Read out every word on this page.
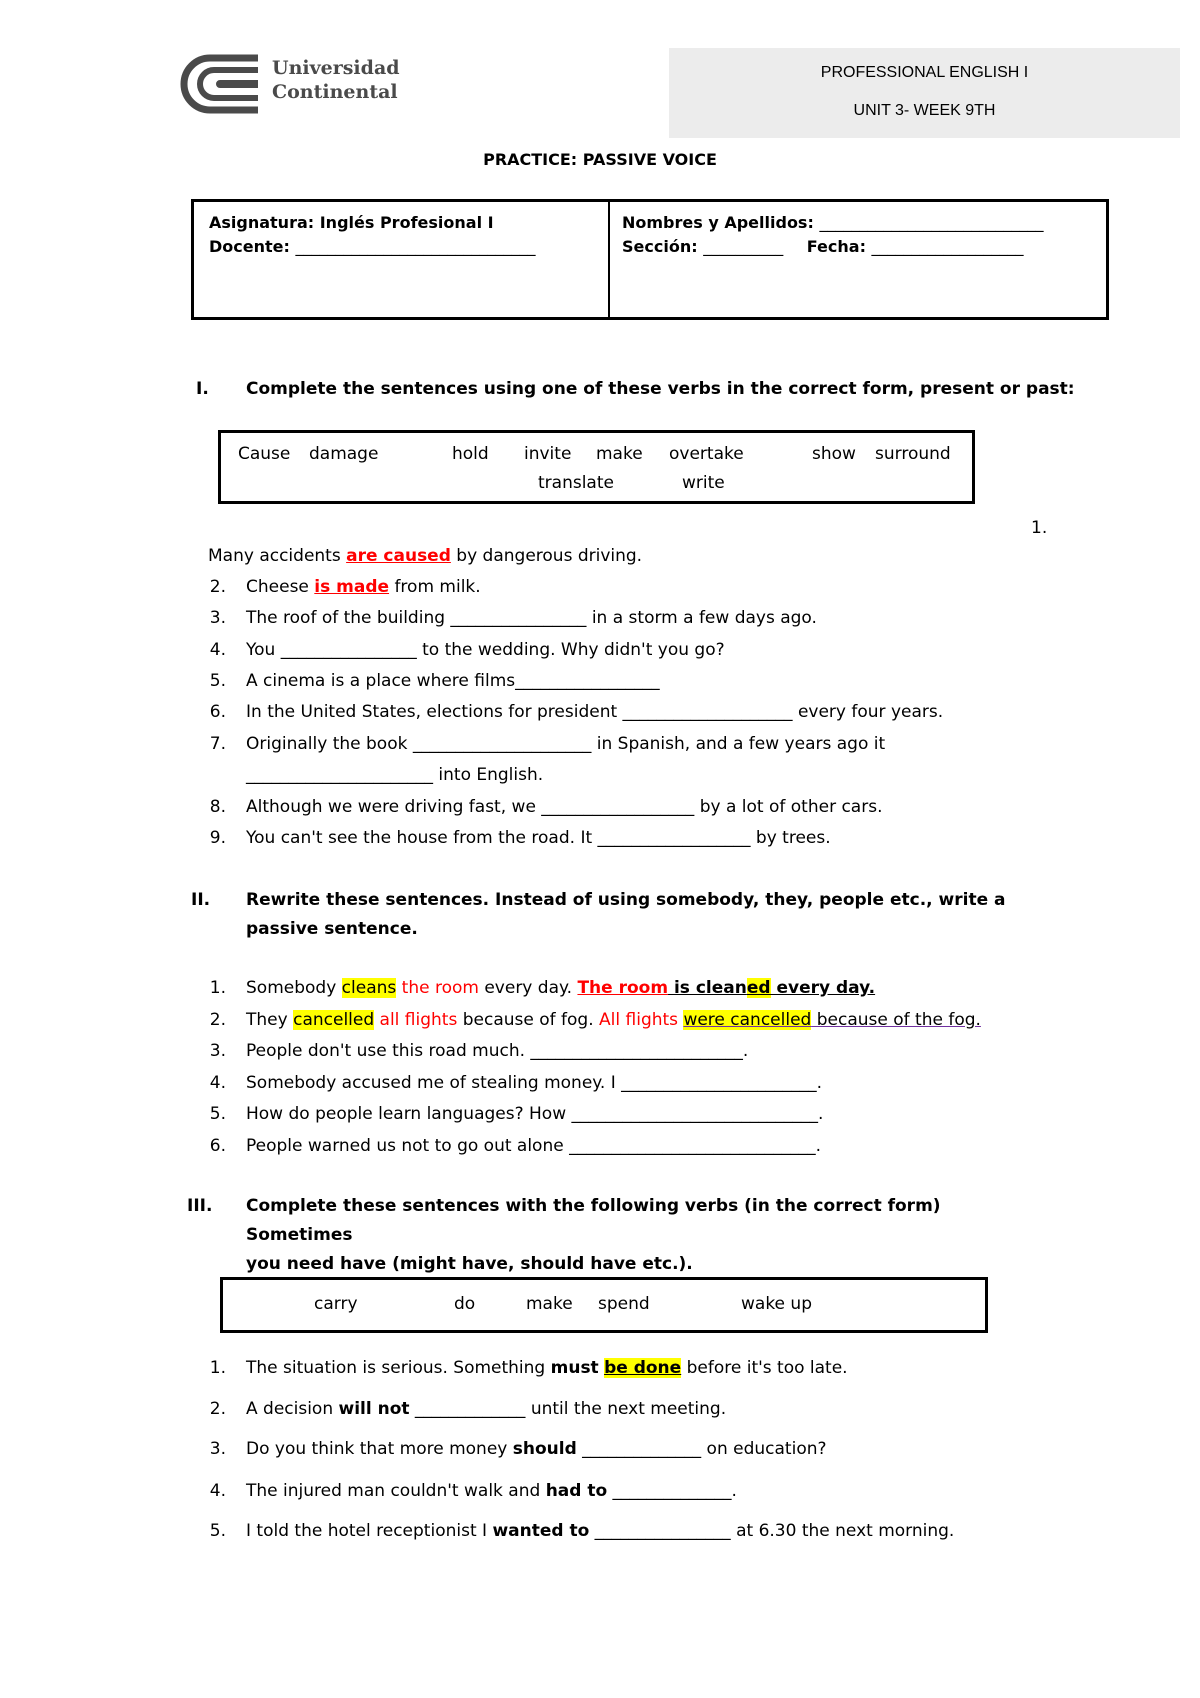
Universidad
Continental
PROFESSIONAL ENGLISH I
UNIT 3- WEEK 9TH
PRACTICE: PASSIVE VOICE
Asignatura: Inglés Profesional I
Docente: ______________________________
Nombres y Apellidos: ____________________________
Sección: __________ Fecha: ___________________
I. Complete the sentences using one of these verbs in the correct form, present or past:
Cause damage	hold invite make overtake	show surround
translate	write
1.
Many accidents are caused by dangerous driving.
2. Cheese is made from milk.
3. The roof of the building ________________ in a storm a few days ago.
4. You ________________ to the wedding. Why didn't you go?
5. A cinema is a place where films_________________
6. In the United States, elections for president ____________________ every four years.
7. Originally the book _____________________ in Spanish, and a few years ago it
______________________ into English.
8. Although we were driving fast, we __________________ by a lot of other cars.
9. You can't see the house from the road. It __________________ by trees.
II. Rewrite these sentences. Instead of using somebody, they, people etc., write a
passive sentence.
1. Somebody cleans the room every day. The room is cleaned every day.
2. They cancelled all flights because of fog. All flights were cancelled because of the fog.
3. People don't use this road much. _________________________.
4. Somebody accused me of stealing money. I _______________________.
5. How do people learn languages? How _____________________________.
6. People warned us not to go out alone _____________________________.
III. Complete these sentences with the following verbs (in the correct form) Sometimes
you need have (might have, should have etc.).
carry	do	make spend	wake up
1. The situation is serious. Something must be done before it's too late.
2. A decision will not _____________ until the next meeting.
3. Do you think that more money should ______________ on education?
4. The injured man couldn't walk and had to ______________.
5. I told the hotel receptionist I wanted to ________________ at 6.30 the next morning.
